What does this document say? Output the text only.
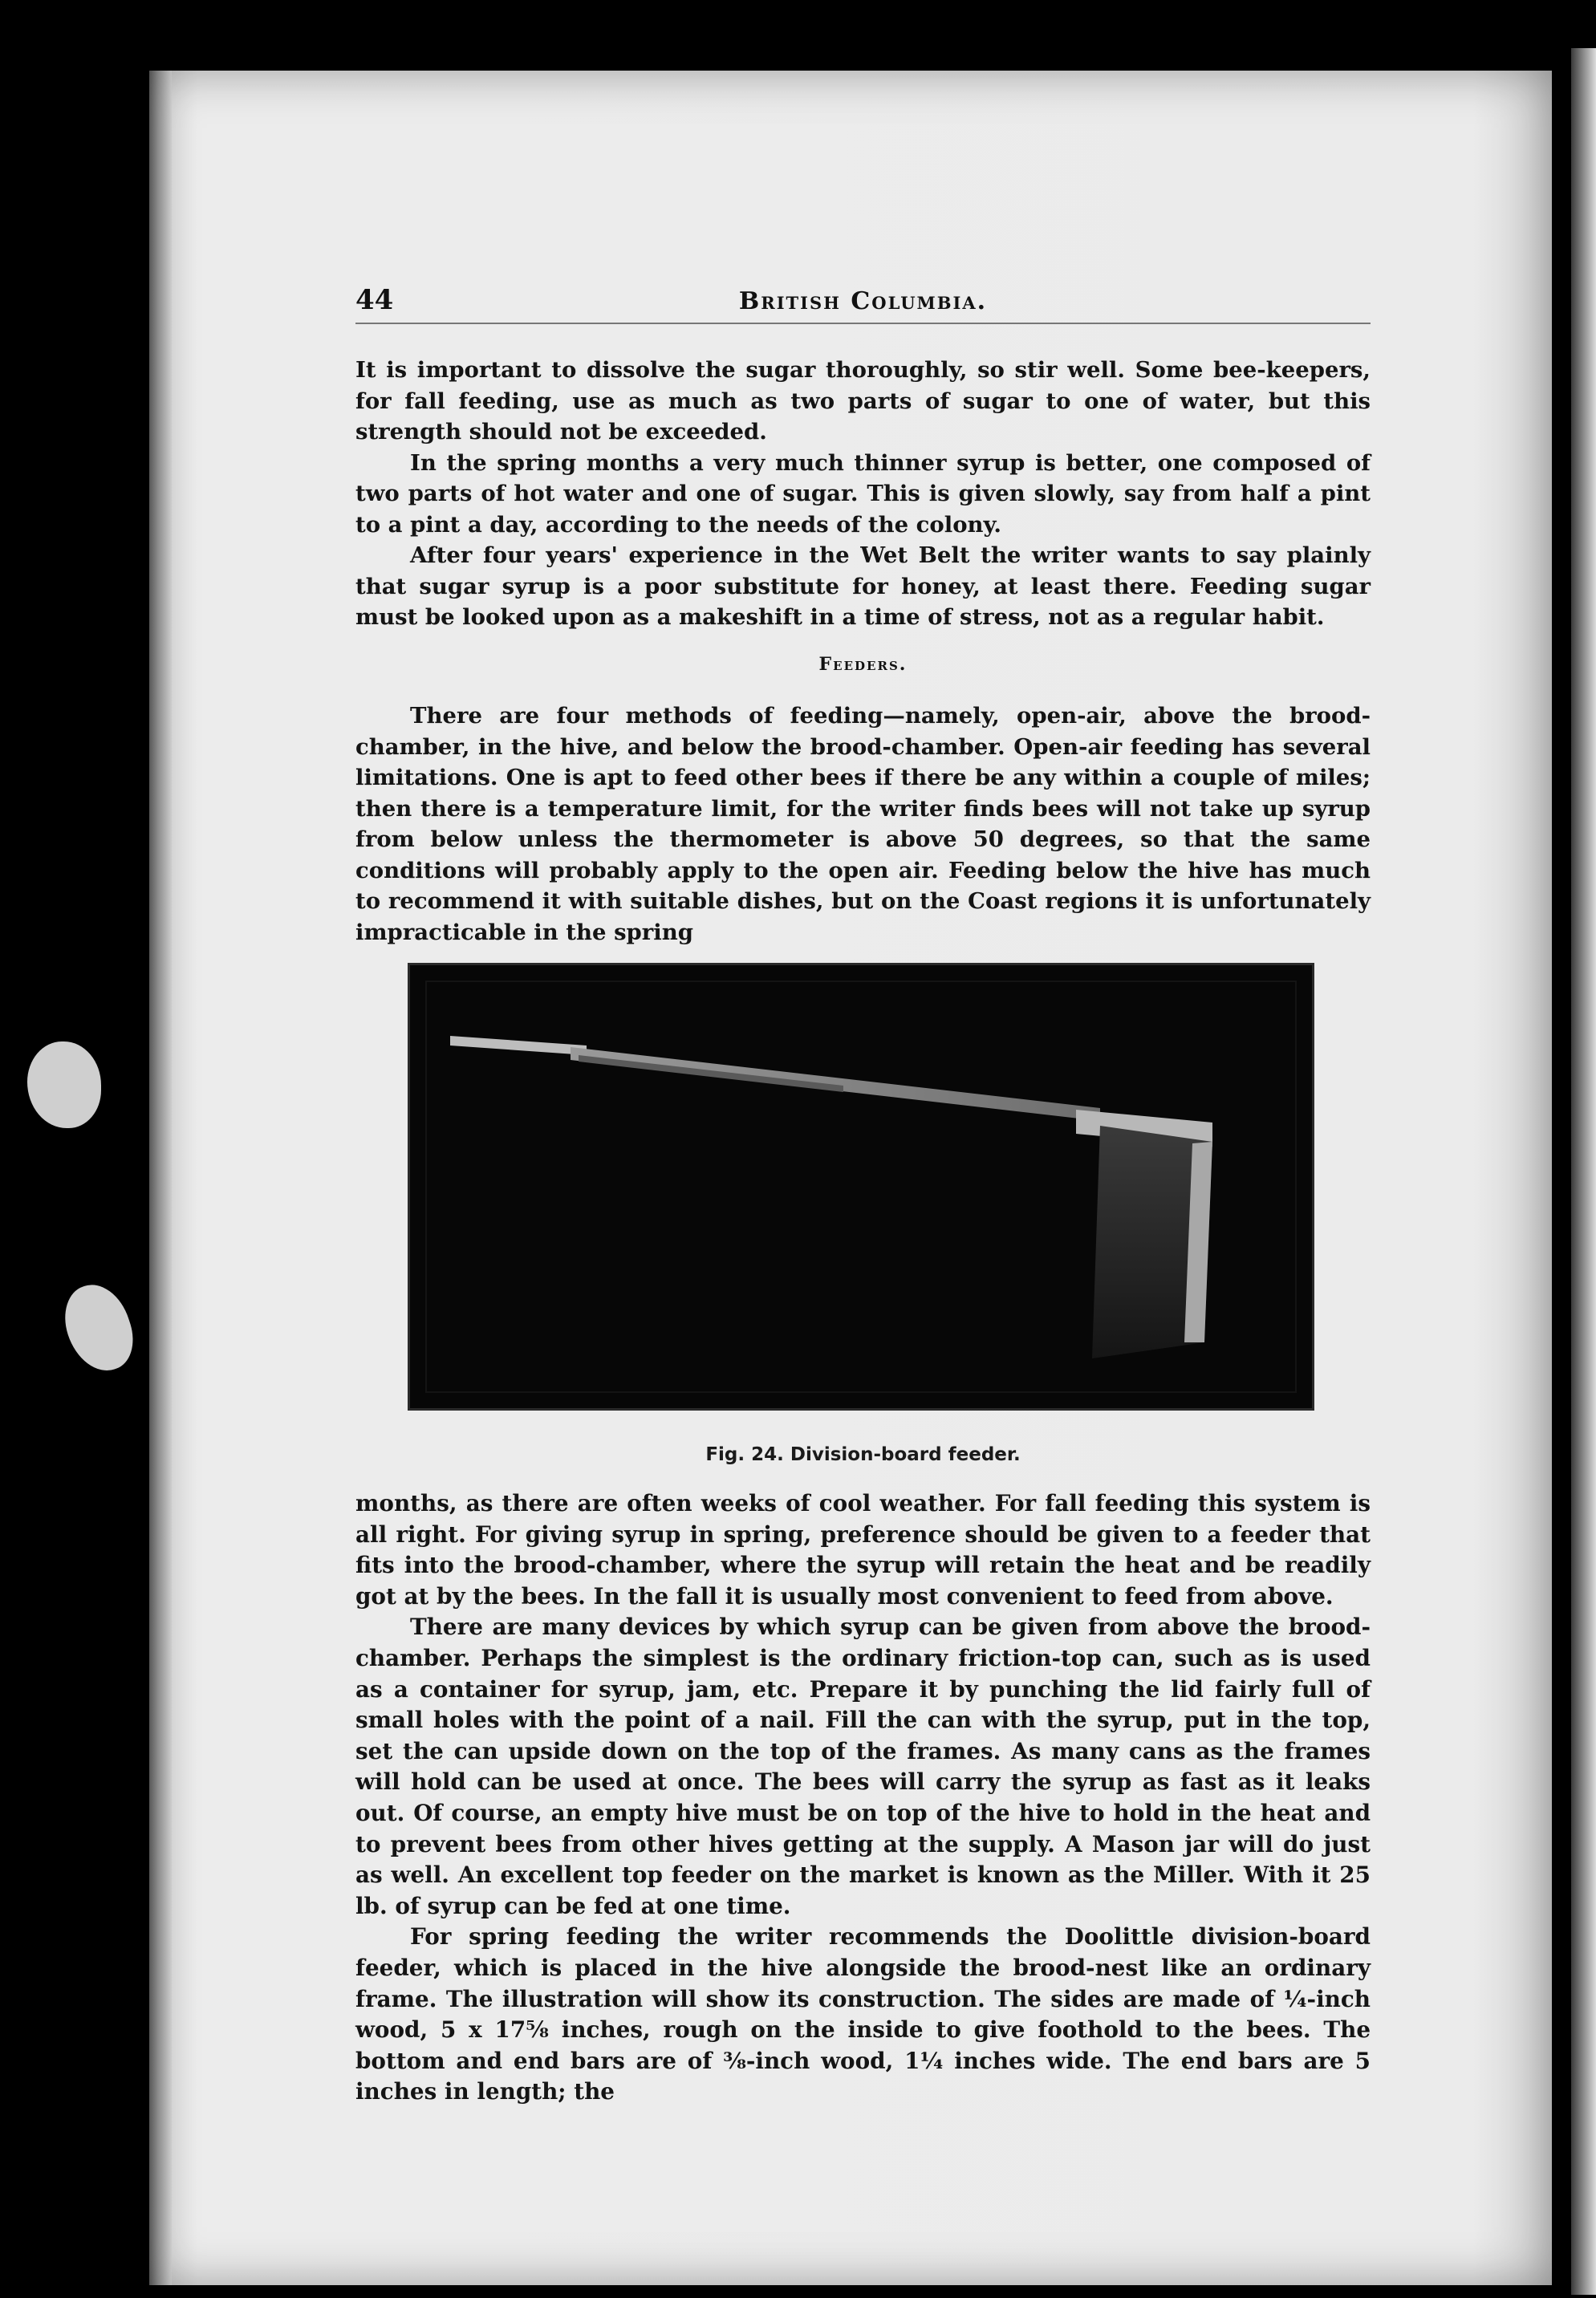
44	British Columbia.

It is important to dissolve the sugar thoroughly, so stir well. Some bee-keepers, for fall feeding, use as much as two parts of sugar to one of water, but this strength should not be exceeded.

In the spring months a very much thinner syrup is better, one composed of two parts of hot water and one of sugar. This is given slowly, say from half a pint to a pint a day, according to the needs of the colony.

After four years' experience in the Wet Belt the writer wants to say plainly that sugar syrup is a poor substitute for honey, at least there. Feeding sugar must be looked upon as a makeshift in a time of stress, not as a regular habit.

Feeders.

There are four methods of feeding—namely, open-air, above the brood-chamber, in the hive, and below the brood-chamber. Open-air feeding has several limitations. One is apt to feed other bees if there be any within a couple of miles; then there is a temperature limit, for the writer finds bees will not take up syrup from below unless the thermometer is above 50 degrees, so that the same conditions will probably apply to the open air. Feeding below the hive has much to recommend it with suitable dishes, but on the Coast regions it is unfortunately impracticable in the spring

Fig. 24. Division-board feeder.

months, as there are often weeks of cool weather. For fall feeding this system is all right. For giving syrup in spring, preference should be given to a feeder that fits into the brood-chamber, where the syrup will retain the heat and be readily got at by the bees. In the fall it is usually most convenient to feed from above.

There are many devices by which syrup can be given from above the brood-chamber. Perhaps the simplest is the ordinary friction-top can, such as is used as a container for syrup, jam, etc. Prepare it by punching the lid fairly full of small holes with the point of a nail. Fill the can with the syrup, put in the top, set the can upside down on the top of the frames. As many cans as the frames will hold can be used at once. The bees will carry the syrup as fast as it leaks out. Of course, an empty hive must be on top of the hive to hold in the heat and to prevent bees from other hives getting at the supply. A Mason jar will do just as well. An excellent top feeder on the market is known as the Miller. With it 25 lb. of syrup can be fed at one time.

For spring feeding the writer recommends the Doolittle division-board feeder, which is placed in the hive alongside the brood-nest like an ordinary frame. The illustration will show its construction. The sides are made of ¼-inch wood, 5 x 17⅝ inches, rough on the inside to give foothold to the bees. The bottom and end bars are of ⅜-inch wood, 1¼ inches wide. The end bars are 5 inches in length; the
